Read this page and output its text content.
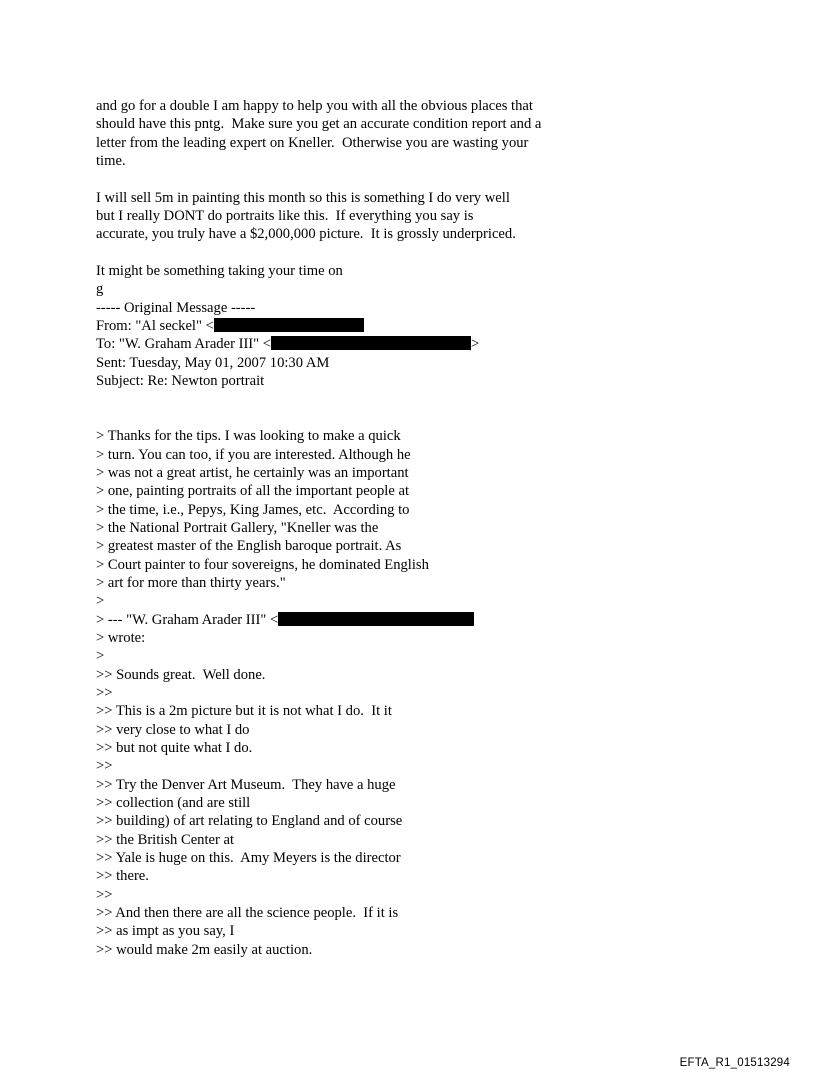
and go for a double I am happy to help you with all the obvious places that
should have this pntg.  Make sure you get an accurate condition report and a
letter from the leading expert on Kneller.  Otherwise you are wasting your
time.
I will sell 5m in painting this month so this is something I do very well
but I really DONT do portraits like this.  If everything you say is
accurate, you truly have a $2,000,000 picture.  It is grossly underpriced.
It might be something taking your time on
g
----- Original Message -----
From: "Al seckel" <
To: "W. Graham Arader III" <	>
Sent: Tuesday, May 01, 2007 10:30 AM
Subject: Re: Newton portrait
> Thanks for the tips. I was looking to make a quick
> turn. You can too, if you are interested. Although he
> was not a great artist, he certainly was an important
> one, painting portraits of all the important people at
> the time, i.e., Pepys, King James, etc.  According to
> the National Portrait Gallery, "Kneller was the
> greatest master of the English baroque portrait. As
> Court painter to four sovereigns, he dominated English
> art for more than thirty years."
>
> --- "W. Graham Arader III" <
> wrote:
>
>> Sounds great.  Well done.
>>
>> This is a 2m picture but it is not what I do.  It it
>> very close to what I do
>> but not quite what I do.
>>
>> Try the Denver Art Museum.  They have a huge
>> collection (and are still
>> building) of art relating to England and of course
>> the British Center at
>> Yale is huge on this.  Amy Meyers is the director
>> there.
>>
>> And then there are all the science people.  If it is
>> as impt as you say, I
>> would make 2m easily at auction.
EFTA_R1_01513294
